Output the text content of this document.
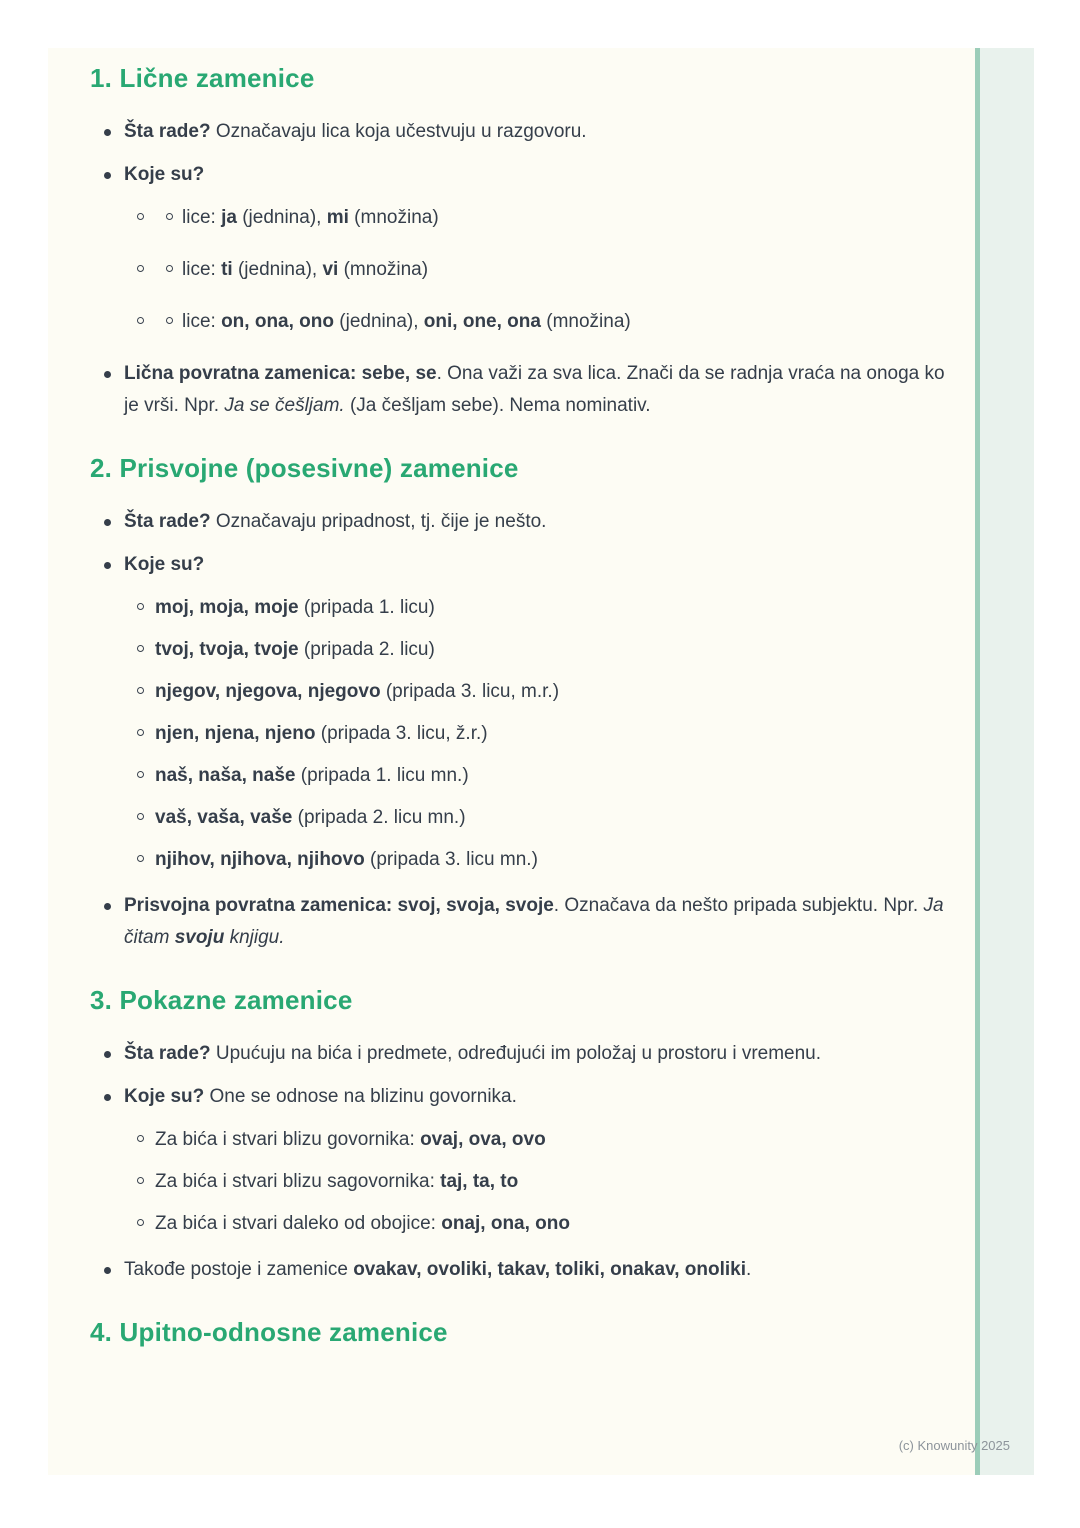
1. Lične zamenice
Šta rade? Označavaju lica koja učestvuju u razgovoru.
Koje su?
lice: ja (jednina), mi (množina)
lice: ti (jednina), vi (množina)
lice: on, ona, ono (jednina), oni, one, ona (množina)
Lična povratna zamenica: sebe, se. Ona važi za sva lica. Znači da se radnja vraća na onoga ko je vrši. Npr. Ja se češljam. (Ja češljam sebe). Nema nominativ.
2. Prisvojne (posesivne) zamenice
Šta rade? Označavaju pripadnost, tj. čije je nešto.
Koje su?
moj, moja, moje (pripada 1. licu)
tvoj, tvoja, tvoje (pripada 2. licu)
njegov, njegova, njegovo (pripada 3. licu, m.r.)
njen, njena, njeno (pripada 3. licu, ž.r.)
naš, naša, naše (pripada 1. licu mn.)
vaš, vaša, vaše (pripada 2. licu mn.)
njihov, njihova, njihovo (pripada 3. licu mn.)
Prisvojna povratna zamenica: svoj, svoja, svoje. Označava da nešto pripada subjektu. Npr. Ja čitam svoju knjigu.
3. Pokazne zamenice
Šta rade? Upućuju na bića i predmete, određujući im položaj u prostoru i vremenu.
Koje su? One se odnose na blizinu govornika.
Za bića i stvari blizu govornika: ovaj, ova, ovo
Za bića i stvari blizu sagovornika: taj, ta, to
Za bića i stvari daleko od obojice: onaj, ona, ono
Takođe postoje i zamenice ovakav, ovoliki, takav, toliki, onakav, onoliki.
4. Upitno-odnosne zamenice
(c) Knowunity 2025
